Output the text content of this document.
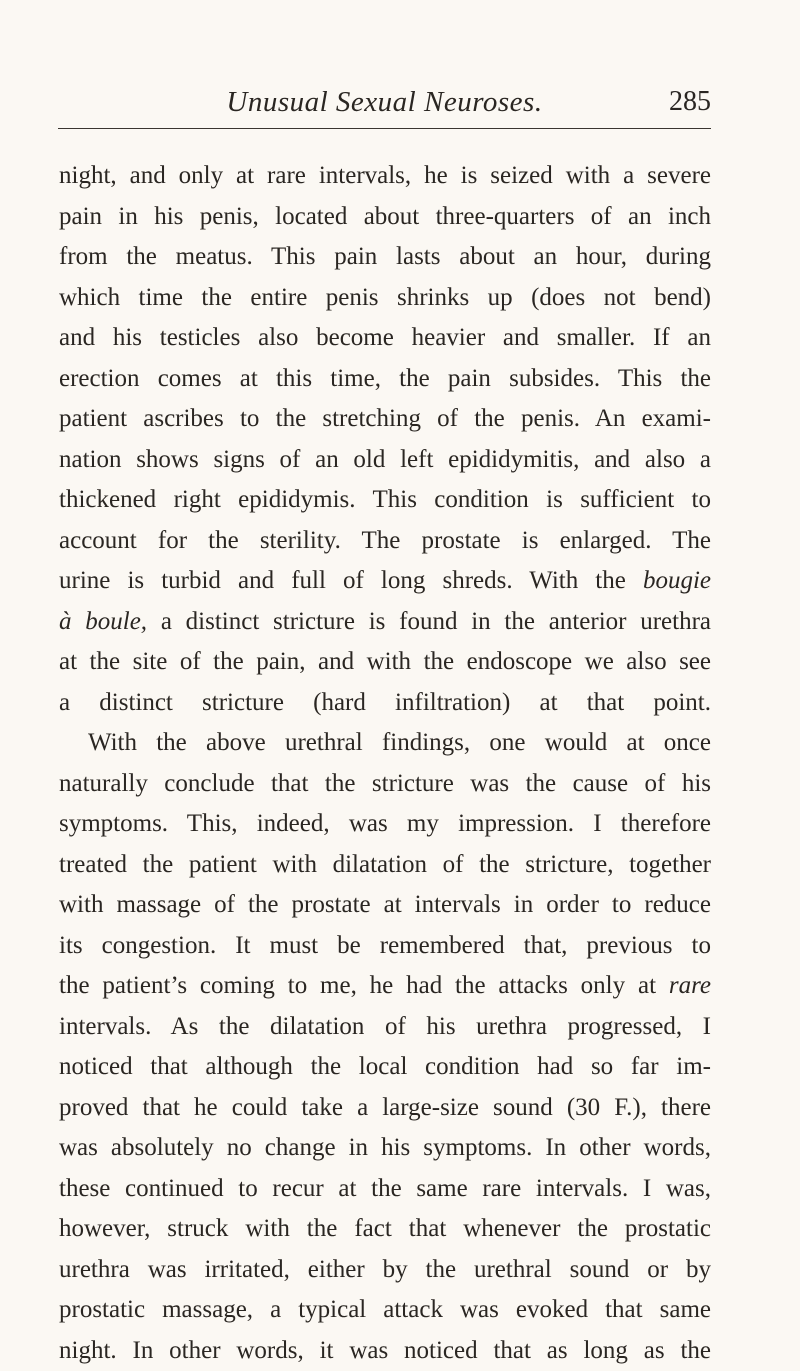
Unusual Sexual Neuroses.	285
night, and only at rare intervals, he is seized with a severe
pain in his penis, located about three-quarters of an inch
from the meatus. This pain lasts about an hour, during
which time the entire penis shrinks up (does not bend)
and his testicles also become heavier and smaller. If an
erection comes at this time, the pain subsides. This the
patient ascribes to the stretching of the penis. An exami-
nation shows signs of an old left epididymitis, and also a
thickened right epididymis. This condition is sufficient to
account for the sterility. The prostate is enlarged. The
urine is turbid and full of long shreds. With the bougie
à boule, a distinct stricture is found in the anterior urethra
at the site of the pain, and with the endoscope we also see
a distinct stricture (hard infiltration) at that point.
With the above urethral findings, one would at once
naturally conclude that the stricture was the cause of his
symptoms. This, indeed, was my impression. I therefore
treated the patient with dilatation of the stricture, together
with massage of the prostate at intervals in order to reduce
its congestion. It must be remembered that, previous to
the patient’s coming to me, he had the attacks only at rare
intervals. As the dilatation of his urethra progressed, I
noticed that although the local condition had so far im-
proved that he could take a large-size sound (30 F.), there
was absolutely no change in his symptoms. In other words,
these continued to recur at the same rare intervals. I was,
however, struck with the fact that whenever the prostatic
urethra was irritated, either by the urethral sound or by
prostatic massage, a typical attack was evoked that same
night. In other words, it was noticed that as long as the
